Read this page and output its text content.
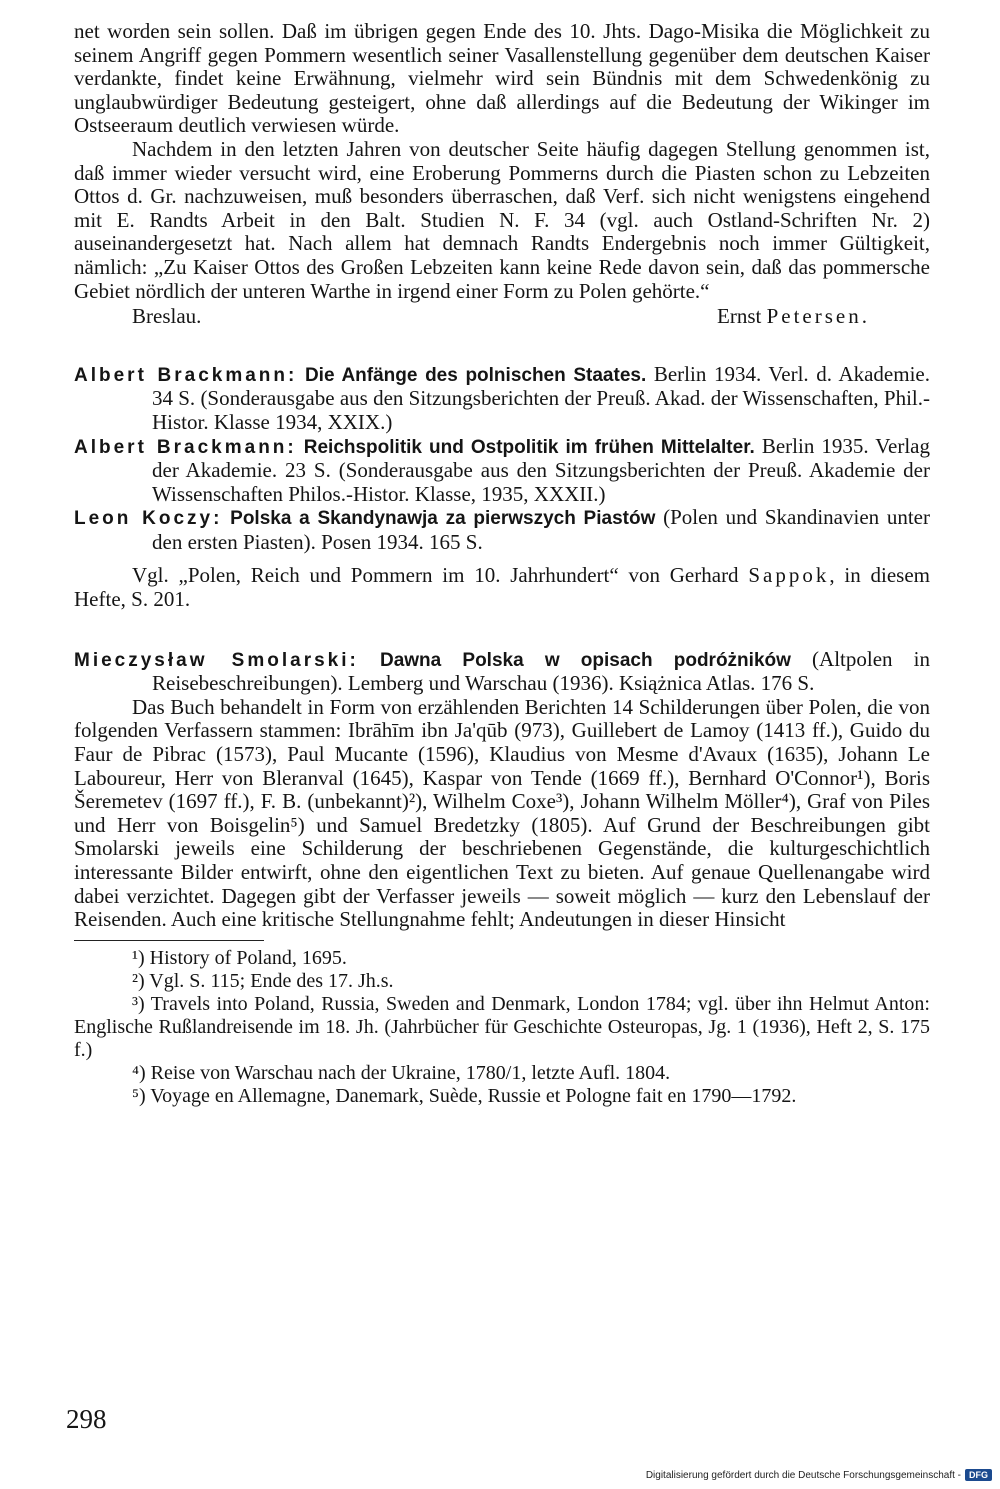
net worden sein sollen. Daß im übrigen gegen Ende des 10. Jhts. Dago-Misika die Möglichkeit zu seinem Angriff gegen Pommern wesentlich seiner Vasallenstellung gegenüber dem deutschen Kaiser verdankte, findet keine Erwähnung, vielmehr wird sein Bündnis mit dem Schwedenkönig zu unglaubwürdiger Bedeutung gesteigert, ohne daß allerdings auf die Bedeutung der Wikinger im Ostseeraum deutlich verwiesen würde.

Nachdem in den letzten Jahren von deutscher Seite häufig dagegen Stellung genommen ist, daß immer wieder versucht wird, eine Eroberung Pommerns durch die Piasten schon zu Lebzeiten Ottos d. Gr. nachzuweisen, muß besonders überraschen, daß Verf. sich nicht wenigstens eingehend mit E. Randts Arbeit in den Balt. Studien N. F. 34 (vgl. auch Ostland-Schriften Nr. 2) auseinandergesetzt hat. Nach allem hat demnach Randts Endergebnis noch immer Gültigkeit, nämlich: „Zu Kaiser Ottos des Großen Lebzeiten kann keine Rede davon sein, daß das pommersche Gebiet nördlich der unteren Warthe in irgend einer Form zu Polen gehörte.“

Breslau.	Ernst Petersen.

Albert Brackmann: Die Anfänge des polnischen Staates. Berlin 1934. Verl. d. Akademie. 34 S. (Sonderausgabe aus den Sitzungsberichten der Preuß. Akad. der Wissenschaften, Phil.-Histor. Klasse 1934, XXIX.)

Albert Brackmann: Reichspolitik und Ostpolitik im frühen Mittelalter. Berlin 1935. Verlag der Akademie. 23 S. (Sonderausgabe aus den Sitzungsberichten der Preuß. Akademie der Wissenschaften Philos.-Histor. Klasse, 1935, XXXII.)

Leon Koczy: Polska a Skandynawja za pierwszych Piastów (Polen und Skandinavien unter den ersten Piasten). Posen 1934. 165 S.

Vgl. „Polen, Reich und Pommern im 10. Jahrhundert“ von Gerhard Sappok, in diesem Hefte, S. 201.

Mieczysław Smolarski: Dawna Polska w opisach podróżników (Altpolen in Reisebeschreibungen). Lemberg und Warschau (1936). Książnica Atlas. 176 S.

Das Buch behandelt in Form von erzählenden Berichten 14 Schilderungen über Polen, die von folgenden Verfassern stammen: Ibrāhīm ibn Ja'qūb (973), Guillebert de Lamoy (1413 ff.), Guido du Faur de Pibrac (1573), Paul Mucante (1596), Klaudius von Mesme d'Avaux (1635), Johann Le Laboureur, Herr von Bleranval (1645), Kaspar von Tende (1669 ff.), Bernhard O'Connor¹), Boris Šeremetev (1697 ff.), F. B. (unbekannt)²), Wilhelm Coxe³), Johann Wilhelm Möller⁴), Graf von Piles und Herr von Boisgelin⁵) und Samuel Bredetzky (1805). Auf Grund der Beschreibungen gibt Smolarski jeweils eine Schilderung der beschriebenen Gegenstände, die kulturgeschichtlich interessante Bilder entwirft, ohne den eigentlichen Text zu bieten. Auf genaue Quellenangabe wird dabei verzichtet. Dagegen gibt der Verfasser jeweils — soweit möglich — kurz den Lebenslauf der Reisenden. Auch eine kritische Stellungnahme fehlt; Andeutungen in dieser Hinsicht

¹) History of Poland, 1695.

²) Vgl. S. 115; Ende des 17. Jh.s.

³) Travels into Poland, Russia, Sweden and Denmark, London 1784; vgl. über ihn Helmut Anton: Englische Rußlandreisende im 18. Jh. (Jahrbücher für Geschichte Osteuropas, Jg. 1 (1936), Heft 2, S. 175 f.)

⁴) Reise von Warschau nach der Ukraine, 1780/1, letzte Aufl. 1804.

⁵) Voyage en Allemagne, Danemark, Suède, Russie et Pologne fait en 1790—1792.

298
Digitalisierung gefördert durch die Deutsche Forschungsgemeinschaft - DFG
